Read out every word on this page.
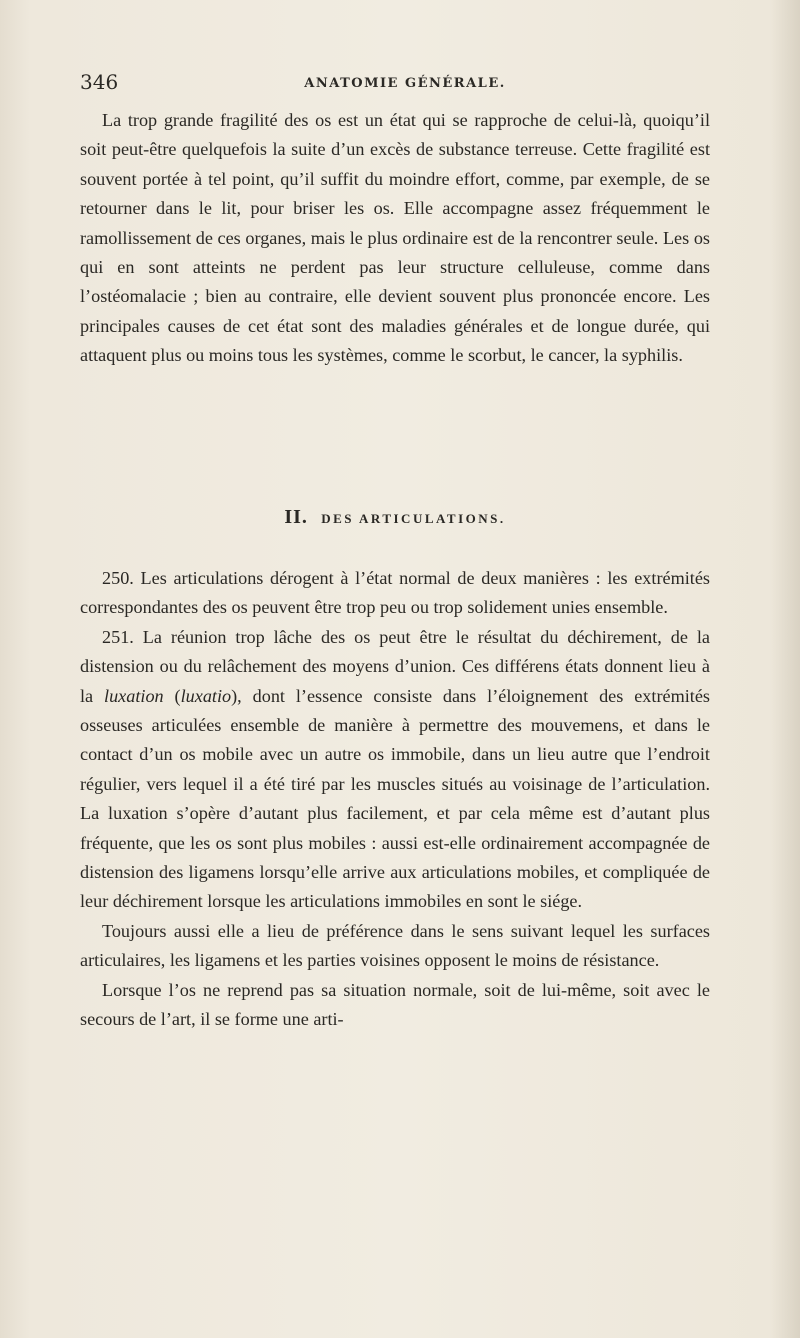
346	ANATOMIE GÉNÉRALE.

La trop grande fragilité des os est un état qui se rapproche de celui-là, quoiqu’il soit peut-être quelquefois la suite d’un excès de substance terreuse. Cette fragilité est souvent portée à tel point, qu’il suffit du moindre effort, comme, par exemple, de se retourner dans le lit, pour briser les os. Elle accompagne assez fréquemment le ramollissement de ces organes, mais le plus ordinaire est de la rencontrer seule. Les os qui en sont atteints ne perdent pas leur structure celluleuse, comme dans l’ostéomalacie ; bien au contraire, elle devient souvent plus prononcée encore. Les principales causes de cet état sont des maladies générales et de longue durée, qui attaquent plus ou moins tous les systèmes, comme le scorbut, le cancer, la syphilis.

II. DES ARTICULATIONS.

250. Les articulations dérogent à l’état normal de deux manières : les extrémités correspondantes des os peuvent être trop peu ou trop solidement unies ensemble.

251. La réunion trop lâche des os peut être le résultat du déchirement, de la distension ou du relâchement des moyens d’union. Ces différens états donnent lieu à la luxation (luxatio), dont l’essence consiste dans l’éloignement des extrémités osseuses articulées ensemble de manière à permettre des mouvemens, et dans le contact d’un os mobile avec un autre os immobile, dans un lieu autre que l’endroit régulier, vers lequel il a été tiré par les muscles situés au voisinage de l’articulation. La luxation s’opère d’autant plus facilement, et par cela même est d’autant plus fréquente, que les os sont plus mobiles : aussi est-elle ordinairement accompagnée de distension des ligamens lorsqu’elle arrive aux articulations mobiles, et compliquée de leur déchirement lorsque les articulations immobiles en sont le siége.

Toujours aussi elle a lieu de préférence dans le sens suivant lequel les surfaces articulaires, les ligamens et les parties voisines opposent le moins de résistance.

Lorsque l’os ne reprend pas sa situation normale, soit de lui-même, soit avec le secours de l’art, il se forme une arti-
